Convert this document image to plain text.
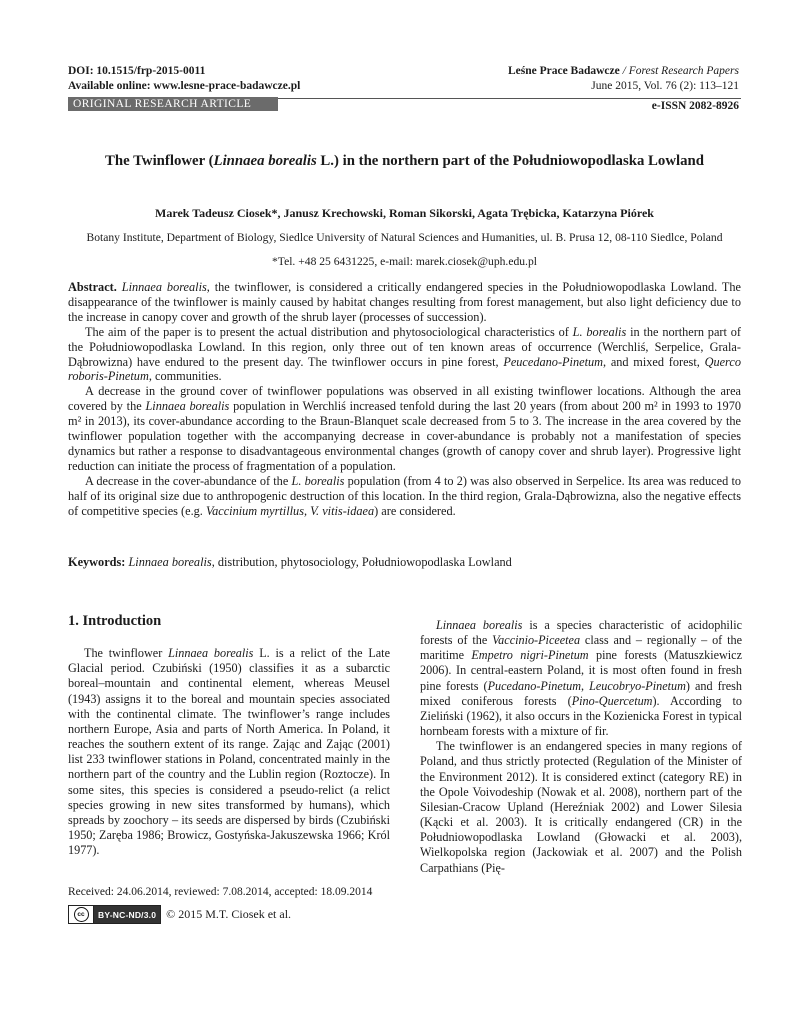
DOI: 10.1515/frp-2015-0011
Available online: www.lesne-prace-badawcze.pl
Leśne Prace Badawcze / Forest Research Papers
June 2015, Vol. 76 (2): 113–121
ORIGINAL RESEARCH ARTICLE	e-ISSN 2082-8926
The Twinflower (Linnaea borealis L.) in the northern part of the Południowopodlaska Lowland
Marek Tadeusz Ciosek*, Janusz Krechowski, Roman Sikorski, Agata Trębicka, Katarzyna Piórek
Botany Institute, Department of Biology, Siedlce University of Natural Sciences and Humanities, ul. B. Prusa 12, 08-110 Siedlce, Poland
*Tel. +48 25 6431225, e-mail: marek.ciosek@uph.edu.pl

Abstract. Linnaea borealis, the twinflower, is considered a critically endangered species in the Południowopodlaska Lowland. The disappearance of the twinflower is mainly caused by habitat changes resulting from forest management, but also light deficiency due to the increase in canopy cover and growth of the shrub layer (processes of succession).

The aim of the paper is to present the actual distribution and phytosociological characteristics of L. borealis in the northern part of the Południowopodlaska Lowland. In this region, only three out of ten known areas of occurrence (Werchliś, Serpelice, Grala-Dąbrowizna) have endured to the present day. The twinflower occurs in pine forest, Peucedano-Pinetum, and mixed forest, Querco roboris-Pinetum, communities.

A decrease in the ground cover of twinflower populations was observed in all existing twinflower locations. Although the area covered by the Linnaea borealis population in Werchliś increased tenfold during the last 20 years (from about 200 m² in 1993 to 1970 m² in 2013), its cover-abundance according to the Braun-Blanquet scale decreased from 5 to 3. The increase in the area covered by the twinflower population together with the accompanying decrease in cover-abundance is probably not a manifestation of species dynamics but rather a response to disadvantageous environmental changes (growth of canopy cover and shrub layer). Progressive light reduction can initiate the process of fragmentation of a population.

A decrease in the cover-abundance of the L. borealis population (from 4 to 2) was also observed in Serpelice. Its area was reduced to half of its original size due to anthropogenic destruction of this location. In the third region, Grala-Dąbrowizna, also the negative effects of competitive species (e.g. Vaccinium myrtillus, V. vitis-idaea) are considered.

Keywords: Linnaea borealis, distribution, phytosociology, Południowopodlaska Lowland
1. Introduction

The twinflower Linnaea borealis L. is a relict of the Late Glacial period. Czubiński (1950) classifies it as a subarctic boreal–mountain and continental element, whereas Meusel (1943) assigns it to the boreal and mountain species associated with the continental climate. The twinflower’s range includes northern Europe, Asia and parts of North America. In Poland, it reaches the southern extent of its range. Zając and Zając (2001) list 233 twinflower stations in Poland, concentrated mainly in the northern part of the country and the Lublin region (Roztocze). In some sites, this species is considered a pseudo-relict (a relict species growing in new sites transformed by humans), which spreads by zoochory – its seeds are dispersed by birds (Czubiński 1950; Zaręba 1986; Browicz, Gostyńska-Jakuszewska 1966; Król 1977).

Linnaea borealis is a species characteristic of acidophilic forests of the Vaccinio-Piceetea class and – regionally – of the maritime Empetro nigri-Pinetum pine forests (Matuszkiewicz 2006). In central-eastern Poland, it is most often found in fresh pine forests (Pucedano-Pinetum, Leucobryo-Pinetum) and fresh mixed coniferous forests (Pino-Quercetum). According to Zieliński (1962), it also occurs in the Kozienicka Forest in typical hornbeam forests with a mixture of fir.

The twinflower is an endangered species in many regions of Poland, and thus strictly protected (Regulation of the Minister of the Environment 2012). It is considered extinct (category RE) in the Opole Voivodeship (Nowak et al. 2008), northern part of the Silesian-Cracow Upland (Hereźniak 2002) and Lower Silesia (Kącki et al. 2003). It is critically endangered (CR) in the Południowopodlaska Lowland (Głowacki et al. 2003), Wielkopolska region (Jackowiak et al. 2007) and the Polish Carpathians (Pię-

Received: 24.06.2014, reviewed: 7.08.2014, accepted: 18.09.2014
cc	BY-NC-ND/3.0 © 2015 M.T. Ciosek et al.
